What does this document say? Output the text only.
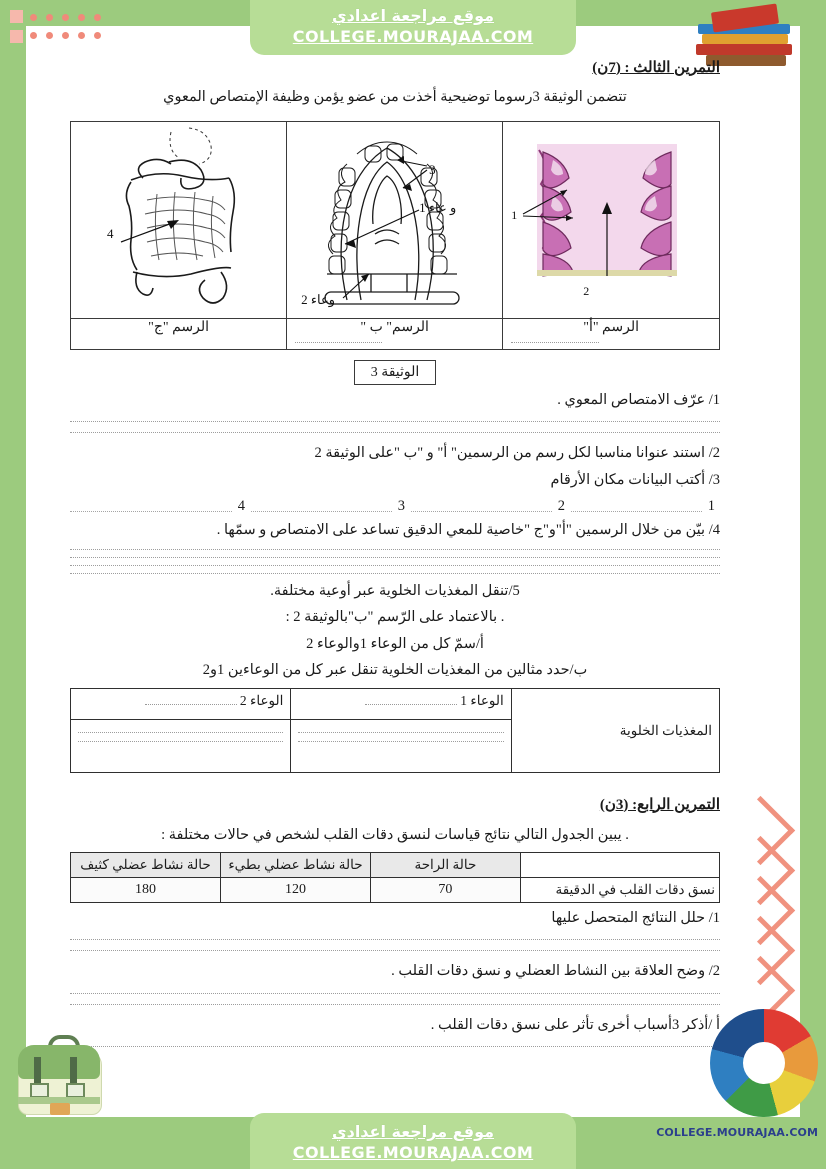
موقع مراجعة اعدادي
COLLEGE.MOURAJAA.COM
التمرين الثالث : (7ن)
تتضمن الوثيقة 3رسوما توضيحية أخذت من عضو يؤمن وظيفة الإمتصاص المعوي
1
2

3
و عاء 1
وعاء 2

4

الرسم "أ"	الرسم" ب "	الرسم "ج"
الوثيقة 3
1/ عرّف الامتصاص المعوي .
2/ استند عنوانا مناسبا لكل رسم من الرسمين" أ" و "ب "على الوثيقة 2
3/ أكتب البيانات مكان الأرقام
1
2
3
4
4/ بيّن من خلال الرسمين "أ"و"ج "خاصية للمعي الدقيق تساعد على الامتصاص و سمّها .
5/تنقل المغذيات الخلوية عبر أوعية مختلفة.
. بالاعتماد على الرّسم "ب"بالوثيقة 2 :
أ/سمّ كل من الوعاء 1والوعاء 2
ب/حدد مثالين من المغذيات الخلوية تنقل عبر كل من الوعاءين 1و2
	الوعاء 1	الوعاء 2
المغذيات الخلوية	

التمرين الرابع: (3ن)
. يبين الجدول التالي نتائج قياسات لنسق دقات القلب لشخص في حالات مختلفة :
	حالة الراحة	حالة نشاط عضلي بطيء	حالة نشاط عضلي كثيف
نسق دقات القلب في الدقيقة	70	120	180
1/ حلل النتائج المتحصل عليها
2/ وضح العلاقة بين النشاط العضلي و نسق دقات القلب .
أ /أذكر 3أسباب أخرى تأثر على نسق دقات القلب .
COLLEGE.MOURAJAA.COM
موقع مراجعة اعدادي
COLLEGE.MOURAJAA.COM
